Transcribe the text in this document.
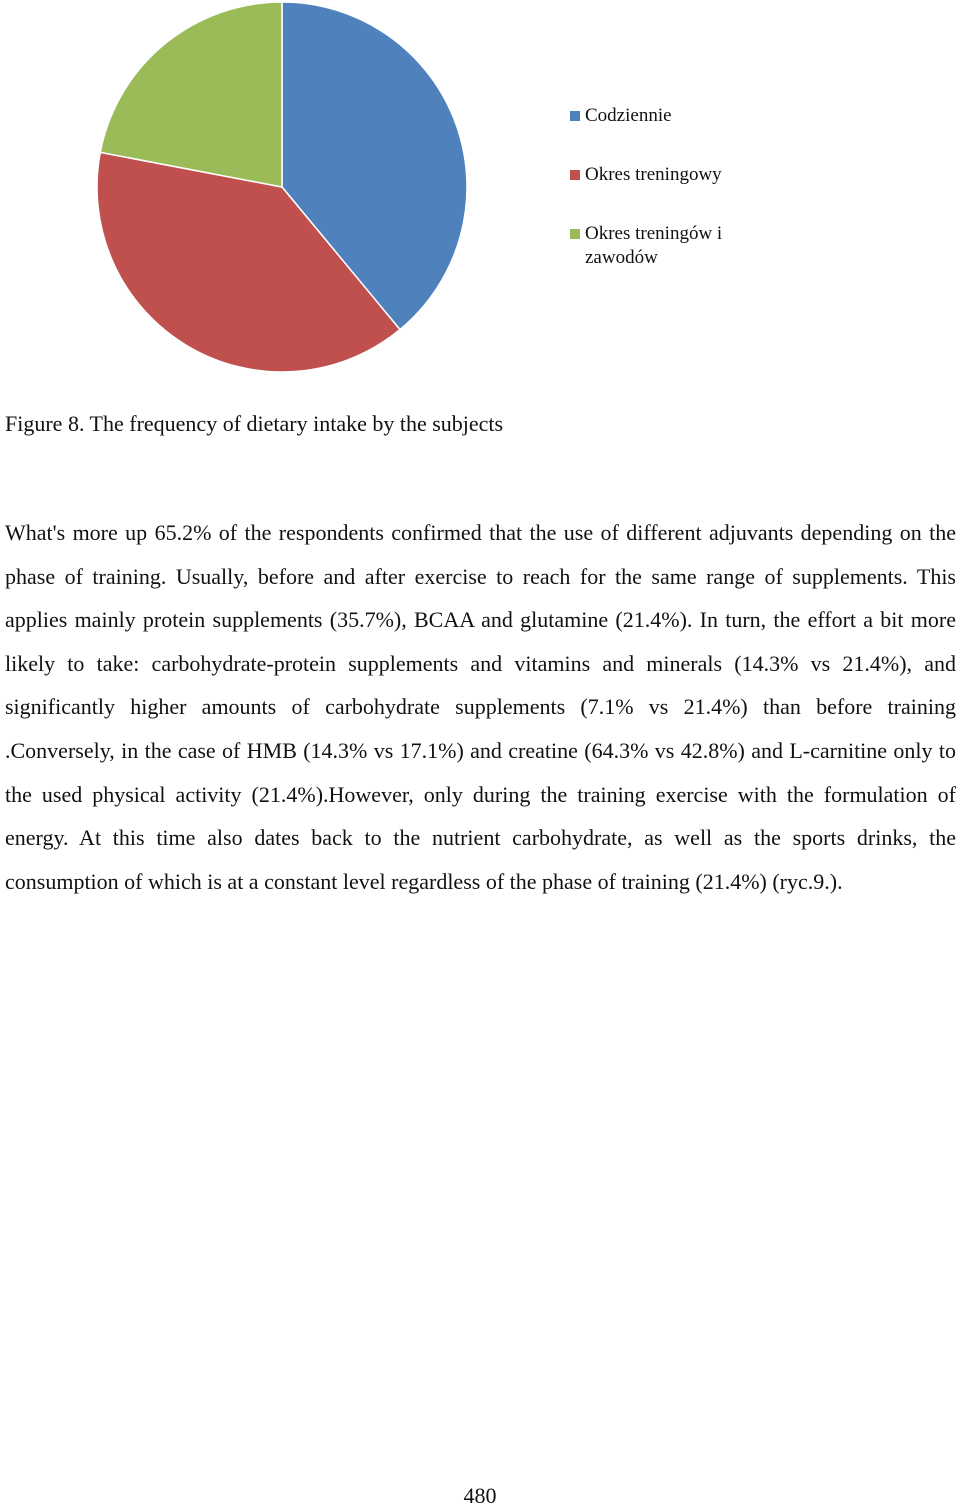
Codziennie
Okres treningowy
Okres treningów i zawodów

Figure 8. The frequency of dietary intake by the subjects

What's more up 65.2% of the respondents confirmed that the use of different adjuvants depending on the phase of training. Usually, before and after exercise to reach for the same range of supplements. This applies mainly protein supplements (35.7%), BCAA and glutamine (21.4%). In turn, the effort a bit more likely to take: carbohydrate-protein supplements and vitamins and minerals (14.3% vs 21.4%), and significantly higher amounts of carbohydrate supplements (7.1% vs 21.4%) than before training .Conversely, in the case of HMB (14.3% vs 17.1%) and creatine (64.3% vs 42.8%) and L-carnitine only to the used physical activity (21.4%).However, only during the training exercise with the formulation of energy. At this time also dates back to the nutrient carbohydrate, as well as the sports drinks, the consumption of which is at a constant level regardless of the phase of training (21.4%) (ryc.9.).

480
